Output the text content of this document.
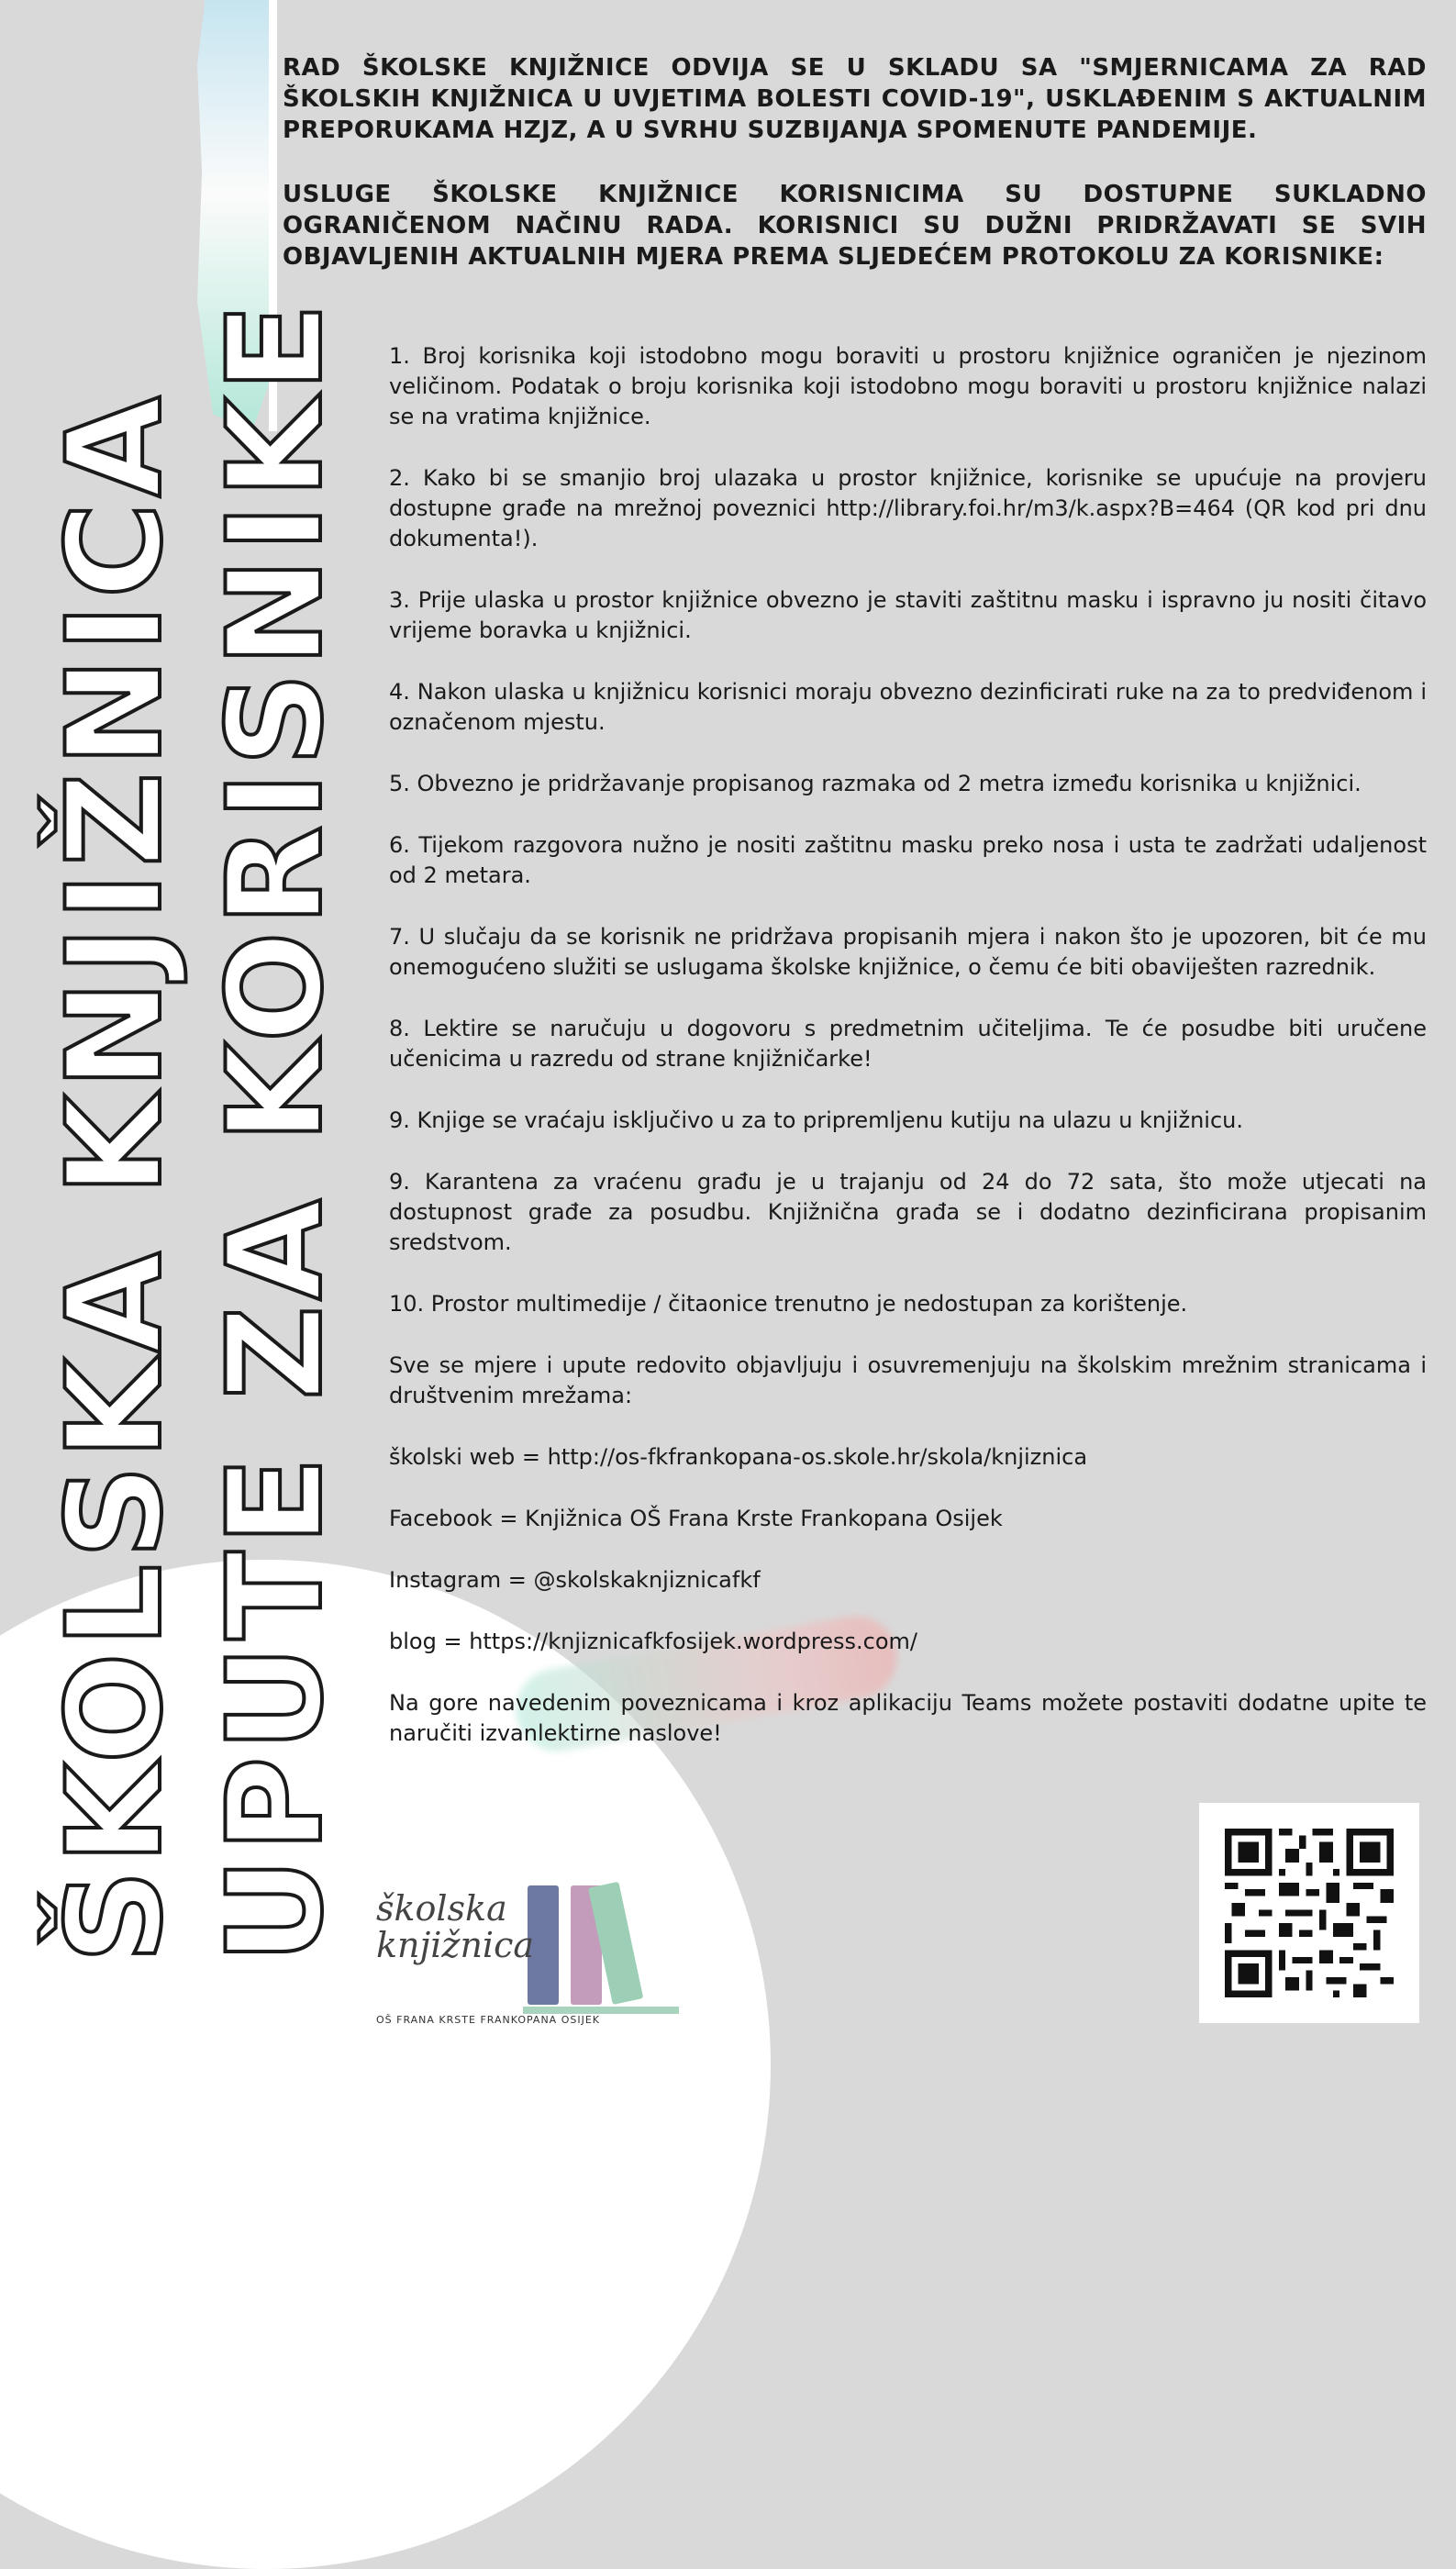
ŠKOLSKA KNJIŽNICA UPUTE ZA KORISNIKE

RAD ŠKOLSKE KNJIŽNICE ODVIJA SE U SKLADU SA "SMJERNICAMA ZA RAD ŠKOLSKIH KNJIŽNICA U UVJETIMA BOLESTI COVID-19", USKLAĐENIM S AKTUALNIM PREPORUKAMA HZJZ, A U SVRHU SUZBIJANJA SPOMENUTE PANDEMIJE.

USLUGE ŠKOLSKE KNJIŽNICE KORISNICIMA SU DOSTUPNE SUKLADNO OGRANIČENOM NAČINU RADA. KORISNICI SU DUŽNI PRIDRŽAVATI SE SVIH OBJAVLJENIH AKTUALNIH MJERA PREMA SLJEDEĆEM PROTOKOLU ZA KORISNIKE:

1. Broj korisnika koji istodobno mogu boraviti u prostoru knjižnice ograničen je njezinom veličinom. Podatak o broju korisnika koji istodobno mogu boraviti u prostoru knjižnice nalazi se na vratima knjižnice.

2. Kako bi se smanjio broj ulazaka u prostor knjižnice, korisnike se upućuje na provjeru dostupne građe na mrežnoj poveznici http://library.foi.hr/m3/k.aspx?B=464 (QR kod pri dnu dokumenta!).

3. Prije ulaska u prostor knjižnice obvezno je staviti zaštitnu masku i ispravno ju nositi čitavo vrijeme boravka u knjižnici.

4. Nakon ulaska u knjižnicu korisnici moraju obvezno dezinficirati ruke na za to predviđenom i označenom mjestu.

5. Obvezno je pridržavanje propisanog razmaka od 2 metra između korisnika u knjižnici.

6. Tijekom razgovora nužno je nositi zaštitnu masku preko nosa i usta te zadržati udaljenost od 2 metara.

7. U slučaju da se korisnik ne pridržava propisanih mjera i nakon što je upozoren, bit će mu onemogućeno služiti se uslugama školske knjižnice, o čemu će biti obaviješten razrednik.

8. Lektire se naručuju u dogovoru s predmetnim učiteljima. Te će posudbe biti uručene učenicima u razredu od strane knjižničarke!

9. Knjige se vraćaju isključivo u za to pripremljenu kutiju na ulazu u knjižnicu.

9. Karantena za vraćenu građu je u trajanju od 24 do 72 sata, što može utjecati na dostupnost građe za posudbu. Knjižnična građa se i dodatno dezinficirana propisanim sredstvom.

10. Prostor multimedije / čitaonice trenutno je nedostupan za korištenje.

Sve se mjere i upute redovito objavljuju i osuvremenjuju na školskim mrežnim stranicama i društvenim mrežama:

školski web = http://os-fkfrankopana-os.skole.hr/skola/knjiznica

Facebook = Knjižnica OŠ Frana Krste Frankopana Osijek

Instagram = @skolskaknjiznicafkf

blog = https://knjiznicafkfosijek.wordpress.com/

Na gore navedenim poveznicama i kroz aplikaciju Teams možete postaviti dodatne upite te naručiti izvanlektirne naslove!

školska
knjižnica
OŠ FRANA KRSTE FRANKOPANA OSIJEK
